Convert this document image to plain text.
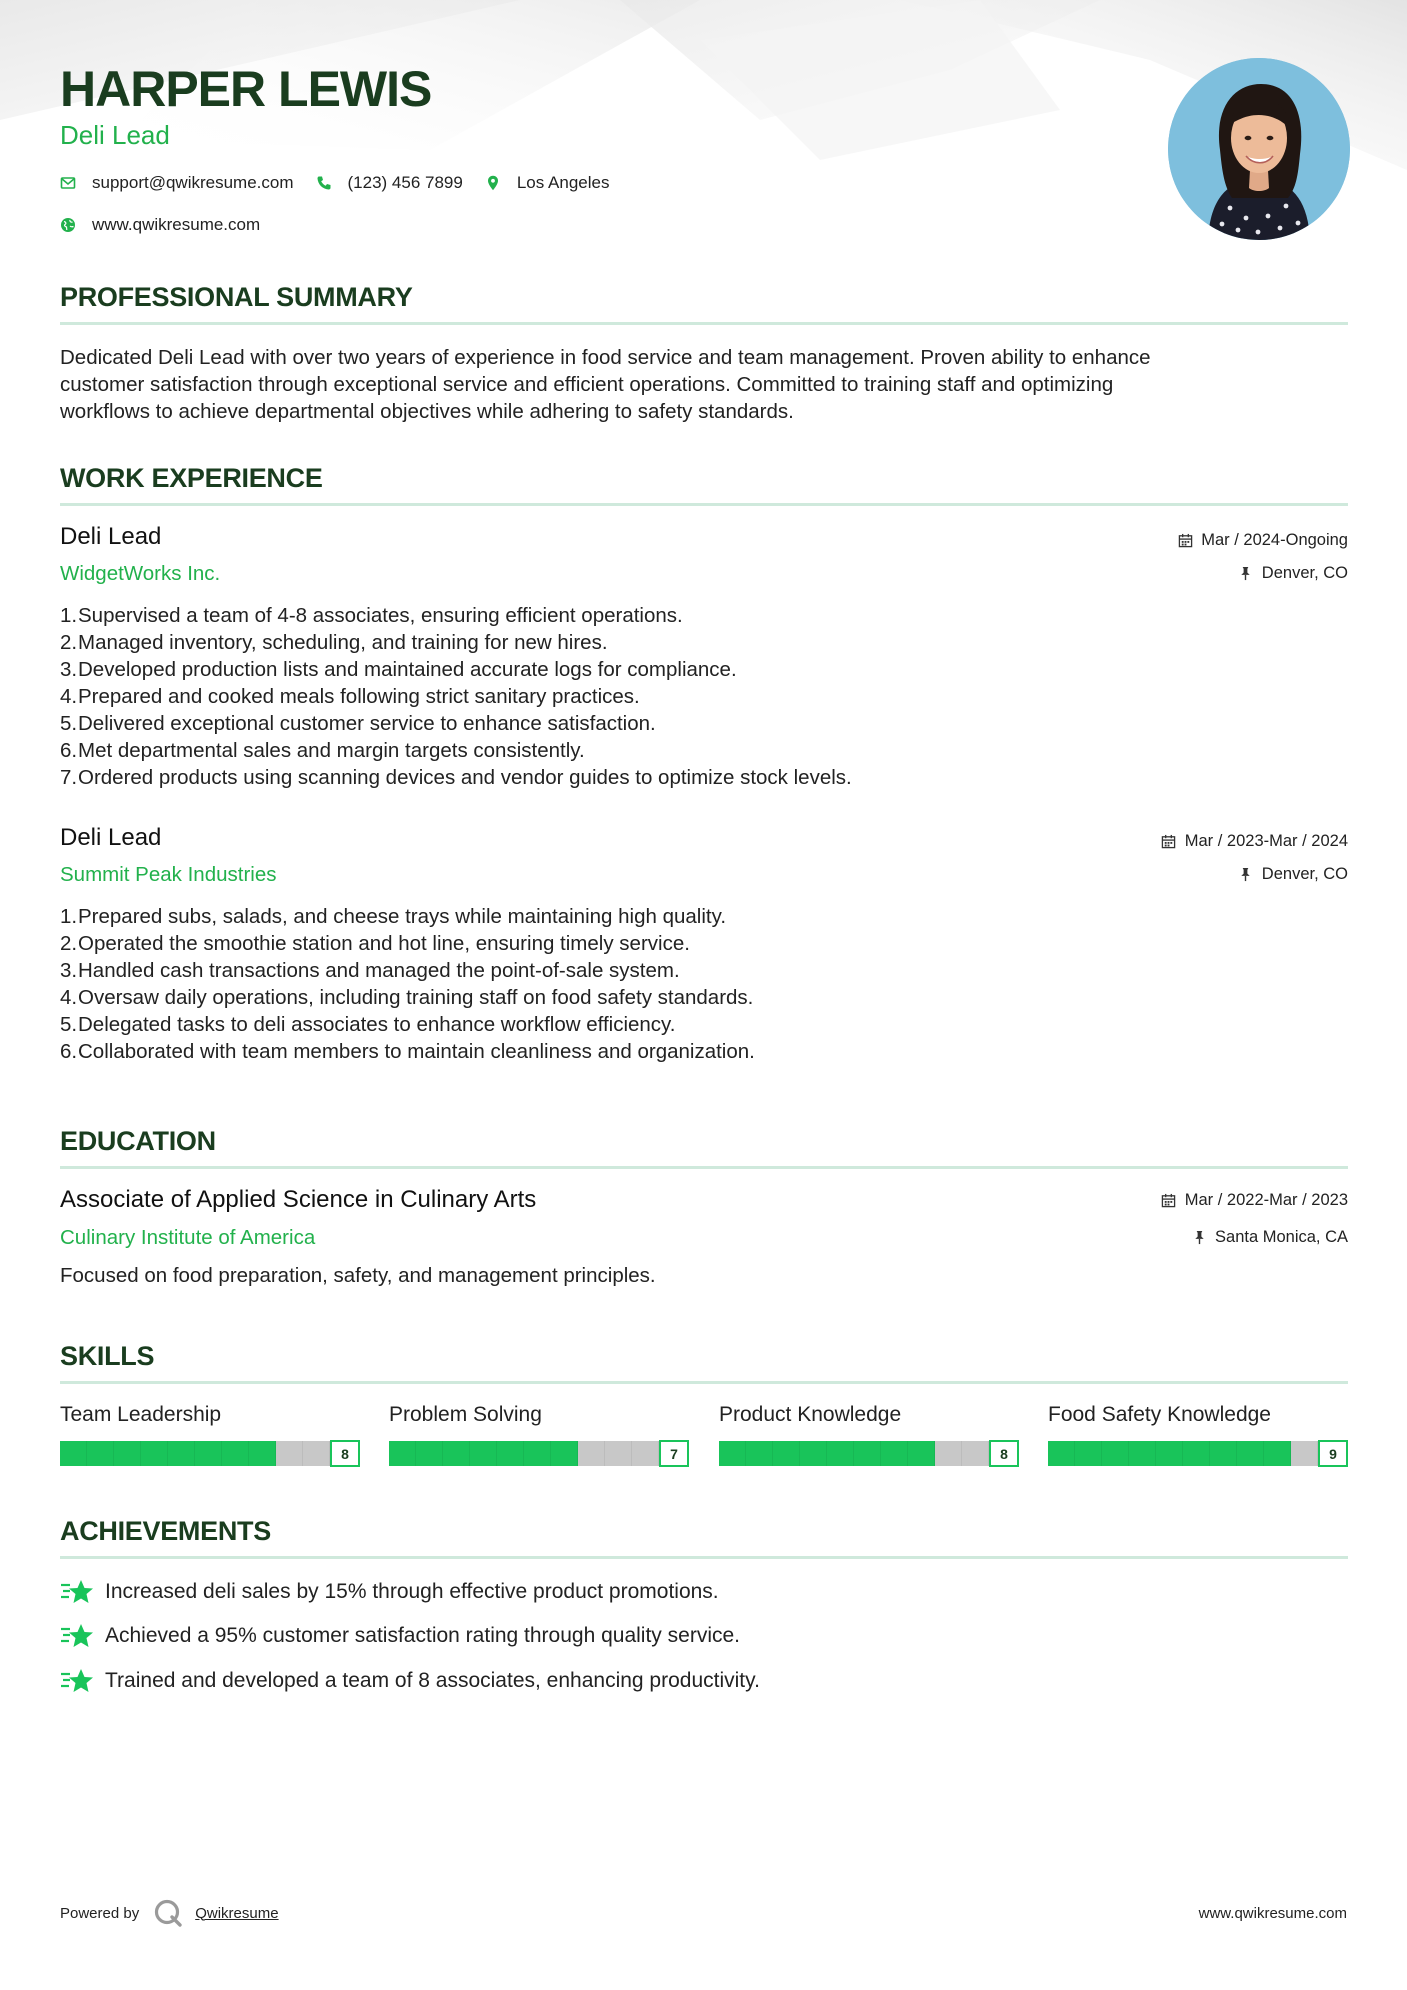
HARPER LEWIS
Deli Lead
support@qwikresume.com	(123) 456 7899	Los Angeles
www.qwikresume.com
PROFESSIONAL SUMMARY
Dedicated Deli Lead with over two years of experience in food service and team management. Proven ability to enhance
customer satisfaction through exceptional service and efficient operations. Committed to training staff and optimizing
workflows to achieve departmental objectives while adhering to safety standards.
WORK EXPERIENCE
Deli Lead
WidgetWorks Inc.
Mar / 2024-Ongoing
Denver, CO
1. Supervised a team of 4-8 associates, ensuring efficient operations.
2. Managed inventory, scheduling, and training for new hires.
3. Developed production lists and maintained accurate logs for compliance.
4. Prepared and cooked meals following strict sanitary practices.
5. Delivered exceptional customer service to enhance satisfaction.
6. Met departmental sales and margin targets consistently.
7. Ordered products using scanning devices and vendor guides to optimize stock levels.
Deli Lead
Summit Peak Industries
Mar / 2023-Mar / 2024
Denver, CO
1. Prepared subs, salads, and cheese trays while maintaining high quality.
2. Operated the smoothie station and hot line, ensuring timely service.
3. Handled cash transactions and managed the point-of-sale system.
4. Oversaw daily operations, including training staff on food safety standards.
5. Delegated tasks to deli associates to enhance workflow efficiency.
6. Collaborated with team members to maintain cleanliness and organization.
EDUCATION
Associate of Applied Science in Culinary Arts
Culinary Institute of America
Mar / 2022-Mar / 2023
Santa Monica, CA
Focused on food preparation, safety, and management principles.
SKILLS
Team Leadership
8
Problem Solving
7
Product Knowledge
8
Food Safety Knowledge
9
ACHIEVEMENTS
Increased deli sales by 15% through effective product promotions.
Achieved a 95% customer satisfaction rating through quality service.
Trained and developed a team of 8 associates, enhancing productivity.
Powered by	Qwikresume	www.qwikresume.com
